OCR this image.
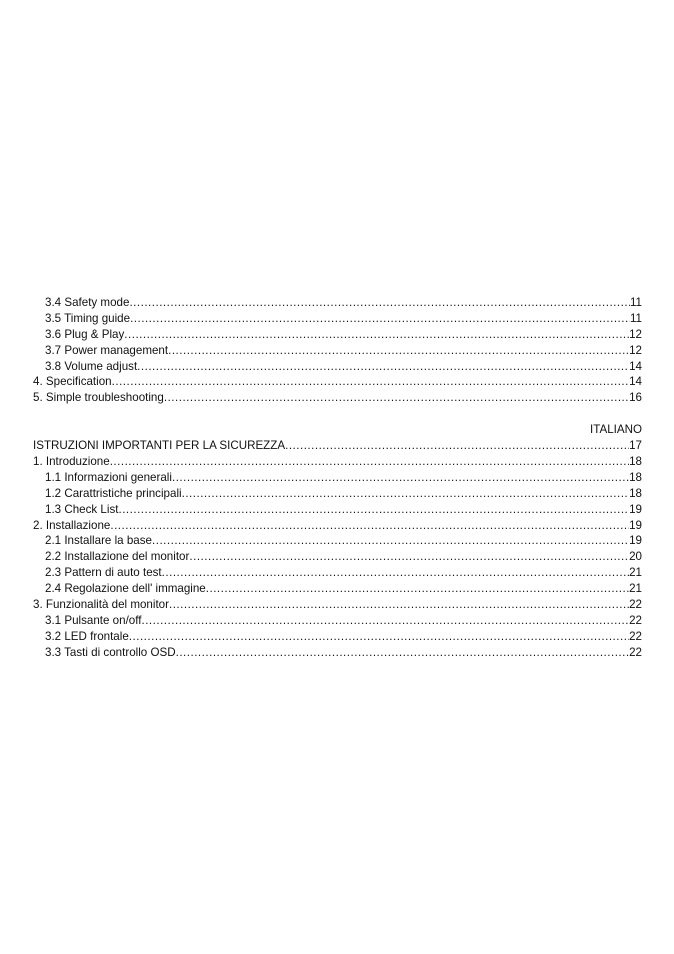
3.4 Safety mode .....	11
3.5 Timing guide .....	11
3.6 Plug & Play .....	12
3.7 Power management .....	12
3.8 Volume adjust .....	14
4. Specification .....	14
5. Simple troubleshooting .....	16
ITALIANO
ISTRUZIONI IMPORTANTI PER LA SICUREZZA .....	17
1. Introduzione .....	18
1.1 Informazioni generali .....	18
1.2 Carattristiche principali .....	18
1.3 Check List .....	19
2. Installazione .....	19
2.1 Installare la base .....	19
2.2 Installazione del monitor .....	20
2.3 Pattern di auto test .....	21
2.4 Regolazione dell' immagine .....	21
3. Funzionalità del monitor .....	22
3.1 Pulsante on/off .....	22
3.2 LED frontale .....	22
3.3 Tasti di controllo OSD .....	22
